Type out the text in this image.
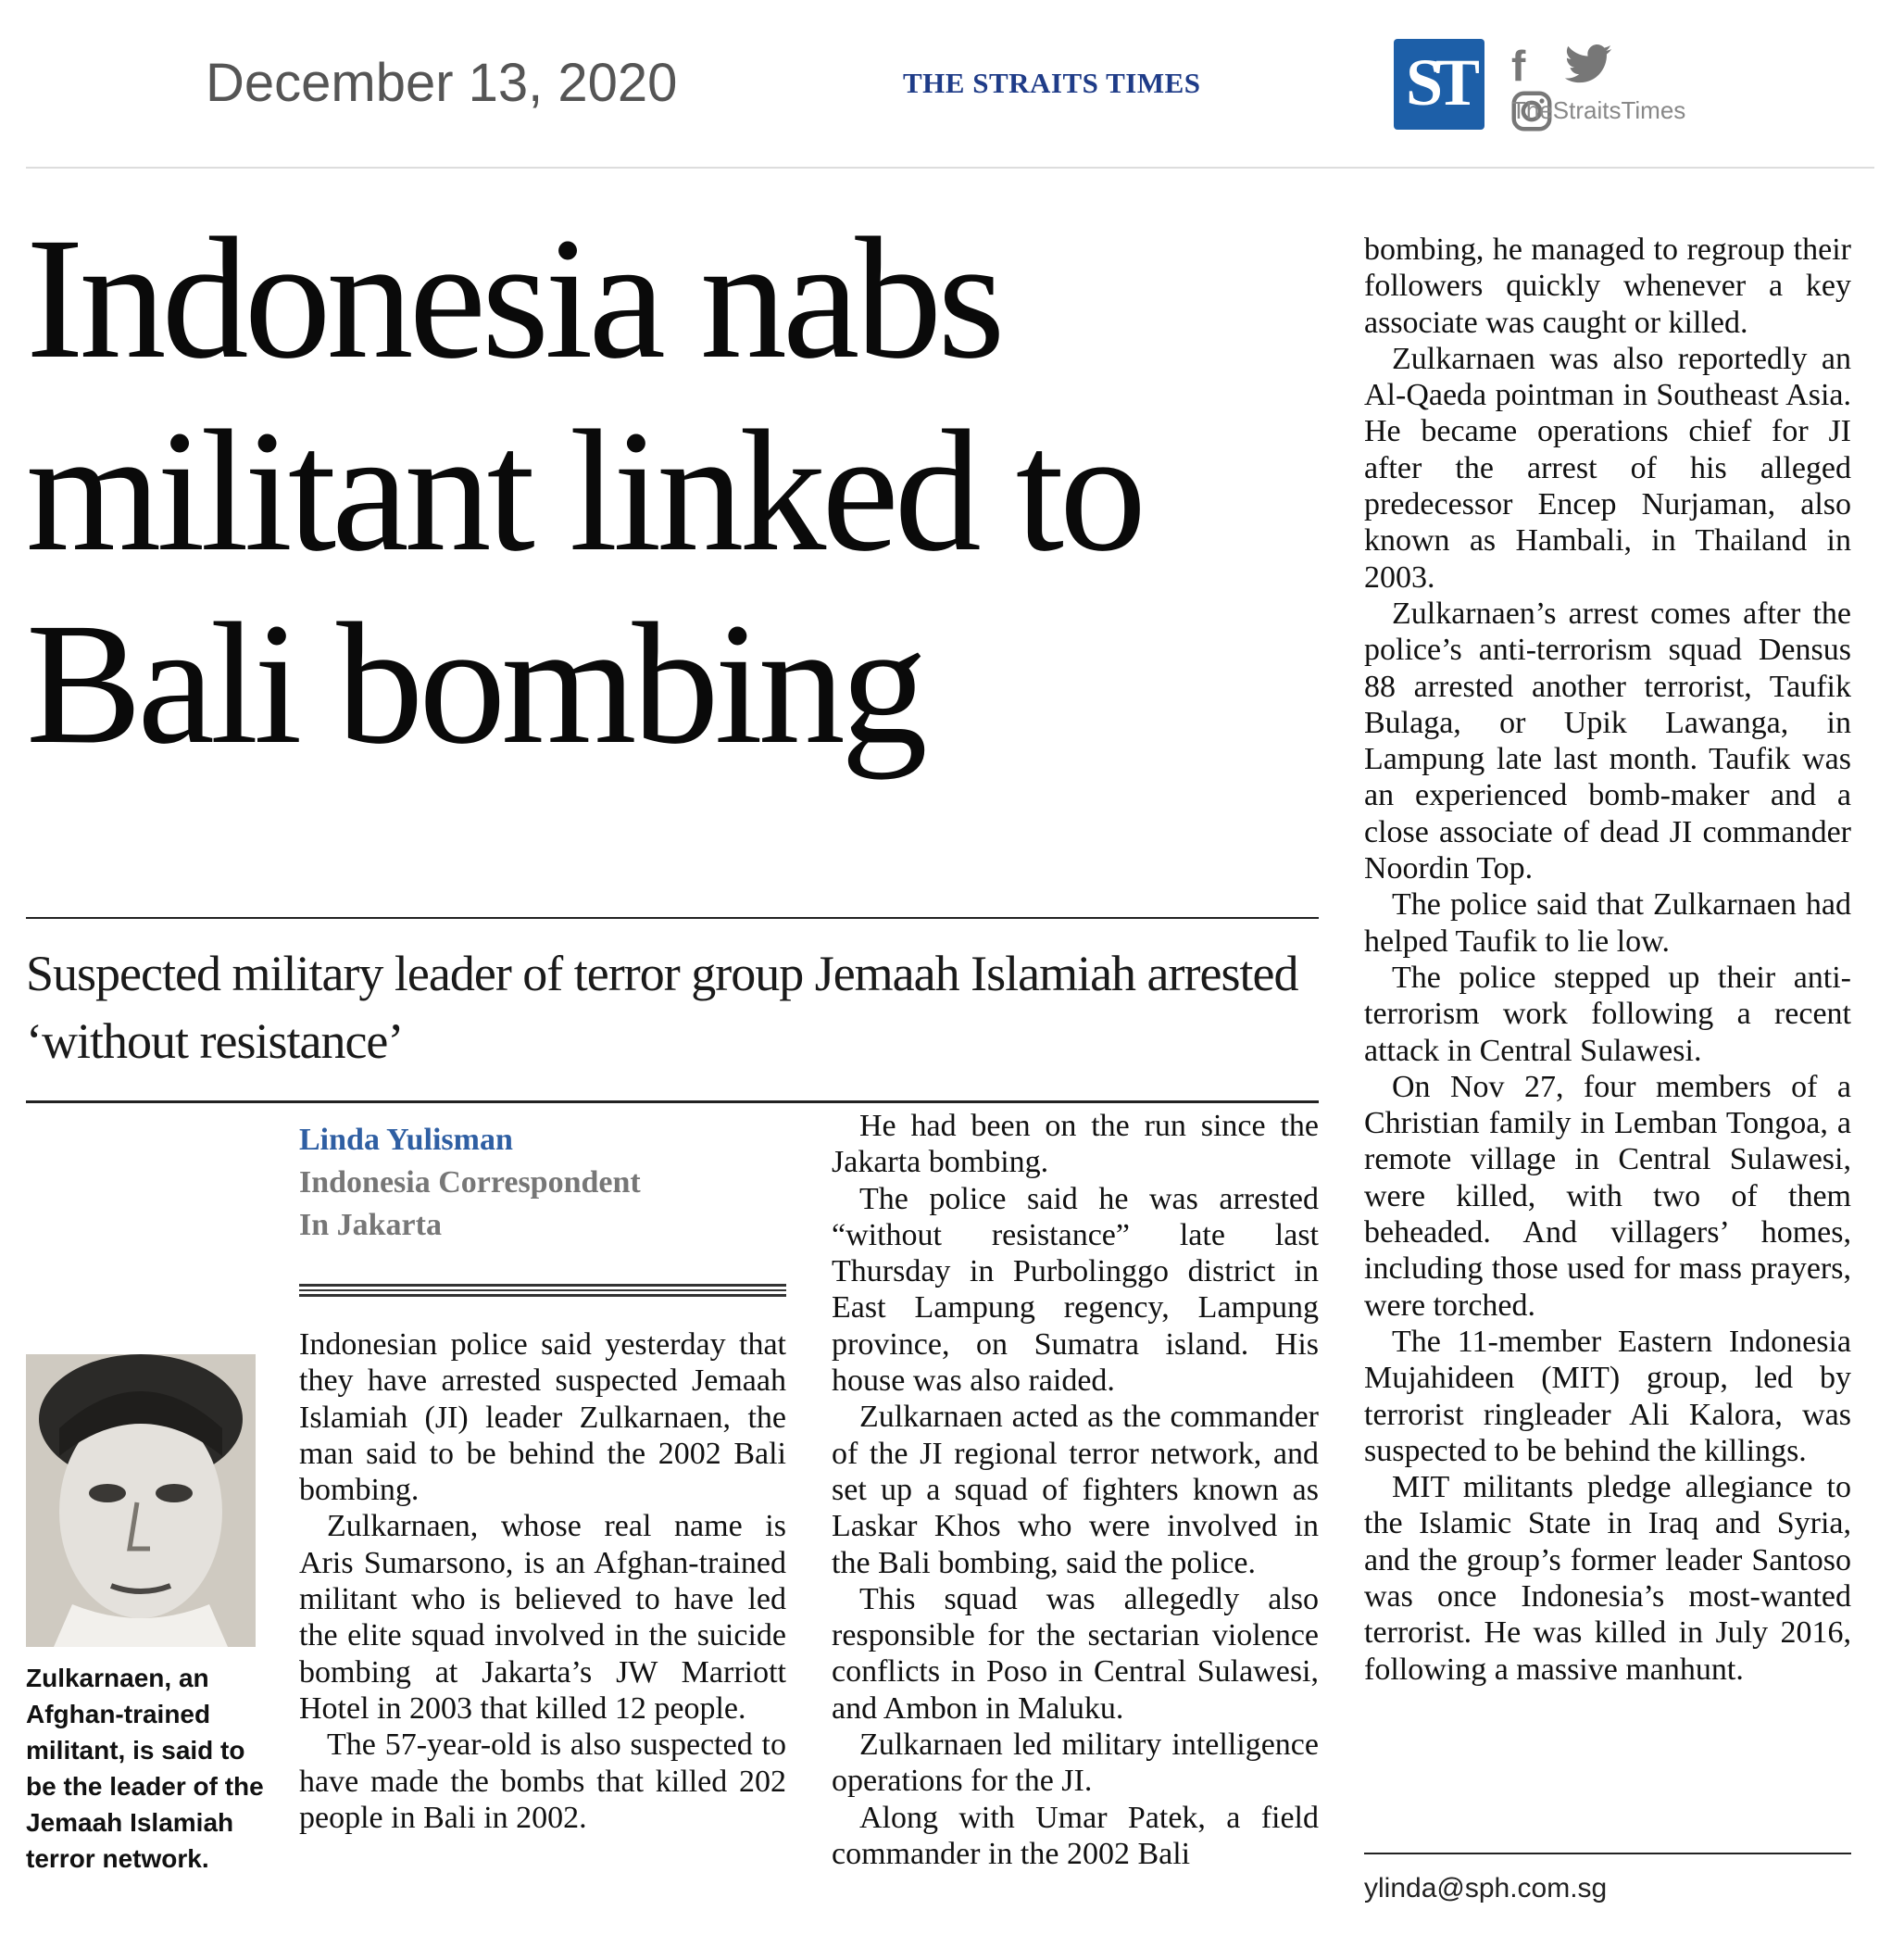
December 13, 2020	THE STRAITS TIMES	ST f
TheStraitsTimes
Indonesia nabs militant linked to Bali bombing
Suspected military leader of terror group Jemaah Islamiah arrested ‘without resistance’
Linda Yulisman
Indonesia Correspondent
In Jakarta
Zulkarnaen, an Afghan-trained militant, is said to be the leader of the Jemaah Islamiah terror network.

Indonesian police said yesterday that they have arrested suspected Jemaah Islamiah (JI) leader Zulkarnaen, the man said to be behind the 2002 Bali bombing.

Zulkarnaen, whose real name is Aris Sumarsono, is an Afghan-trained militant who is believed to have led the elite squad involved in the suicide bombing at Jakarta’s JW Marriott Hotel in 2003 that killed 12 people.

The 57-year-old is also suspected to have made the bombs that killed 202 people in Bali in 2002.

He had been on the run since the Jakarta bombing.

The police said he was arrested “without resistance” late last Thursday in Purbolinggo district in East Lampung regency, Lampung province, on Sumatra island. His house was also raided.

Zulkarnaen acted as the commander of the JI regional terror network, and set up a squad of fighters known as Laskar Khos who were involved in the Bali bombing, said the police.

This squad was allegedly also responsible for the sectarian violence conflicts in Poso in Central Sulawesi, and Ambon in Maluku.

Zulkarnaen led military intelligence operations for the JI.

Along with Umar Patek, a field commander in the 2002 Bali

bombing, he managed to regroup their followers quickly whenever a key associate was caught or killed.

Zulkarnaen was also reportedly an Al-Qaeda pointman in Southeast Asia. He became operations chief for JI after the arrest of his alleged predecessor Encep Nurjaman, also known as Hambali, in Thailand in 2003.

Zulkarnaen’s arrest comes after the police’s anti-terrorism squad Densus 88 arrested another terrorist, Taufik Bulaga, or Upik Lawanga, in Lampung late last month. Taufik was an experienced bomb-maker and a close associate of dead JI commander Noordin Top.

The police said that Zulkarnaen had helped Taufik to lie low.

The police stepped up their anti-terrorism work following a recent attack in Central Sulawesi.

On Nov 27, four members of a Christian family in Lemban Tongoa, a remote village in Central Sulawesi, were killed, with two of them beheaded. And villagers’ homes, including those used for mass prayers, were torched.

The 11-member Eastern Indonesia Mujahideen (MIT) group, led by terrorist ringleader Ali Kalora, was suspected to be behind the killings.

MIT militants pledge allegiance to the Islamic State in Iraq and Syria, and the group’s former leader Santoso was once Indonesia’s most-wanted terrorist. He was killed in July 2016, following a massive manhunt.

ylinda@sph.com.sg
